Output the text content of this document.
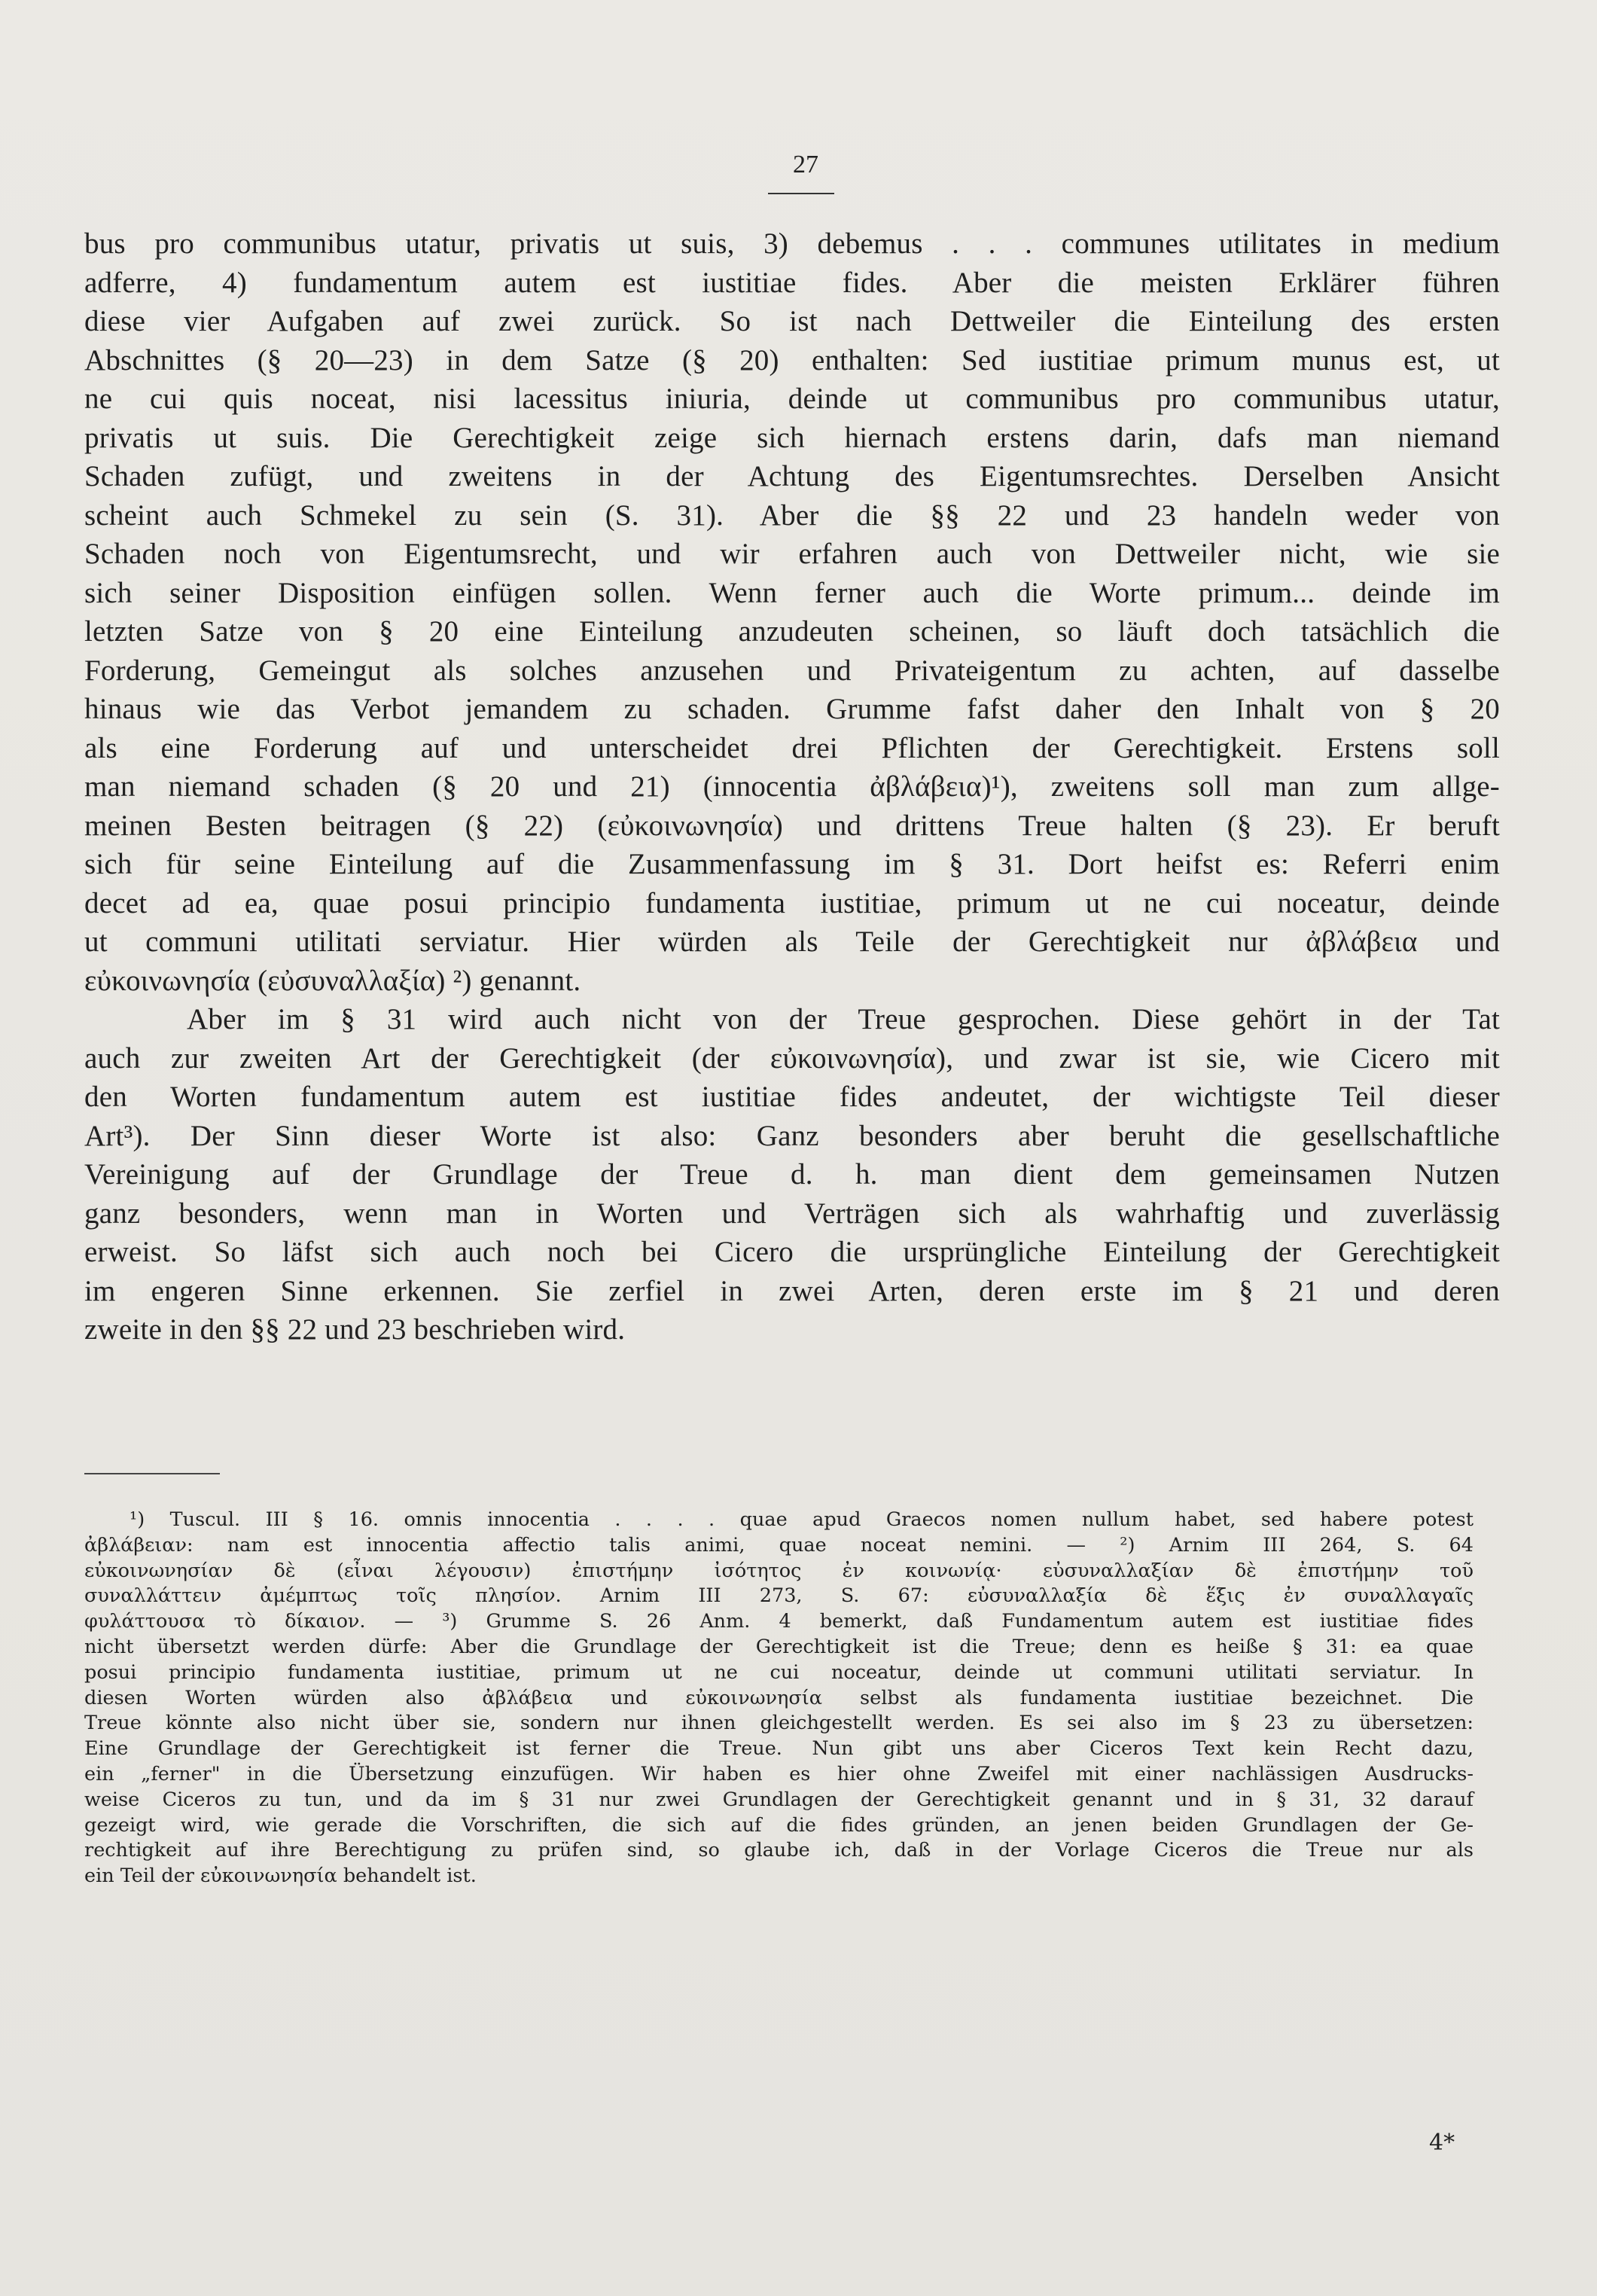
27
bus pro communibus utatur, privatis ut suis, 3) debemus . . . communes utilitates in medium
adferre, 4) fundamentum autem est iustitiae fides. Aber die meisten Erklärer führen
diese vier Aufgaben auf zwei zurück. So ist nach Dettweiler die Einteilung des ersten
Abschnittes (§ 20—23) in dem Satze (§ 20) enthalten: Sed iustitiae primum munus est, ut
ne cui quis noceat, nisi lacessitus iniuria, deinde ut communibus pro communibus utatur,
privatis ut suis. Die Gerechtigkeit zeige sich hiernach erstens darin, dafs man niemand
Schaden zufügt, und zweitens in der Achtung des Eigentumsrechtes. Derselben Ansicht
scheint auch Schmekel zu sein (S. 31). Aber die §§ 22 und 23 handeln weder von
Schaden noch von Eigentumsrecht, und wir erfahren auch von Dettweiler nicht, wie sie
sich seiner Disposition einfügen sollen. Wenn ferner auch die Worte primum... deinde im
letzten Satze von § 20 eine Einteilung anzudeuten scheinen, so läuft doch tatsächlich die
Forderung, Gemeingut als solches anzusehen und Privateigentum zu achten, auf dasselbe
hinaus wie das Verbot jemandem zu schaden. Grumme fafst daher den Inhalt von § 20
als eine Forderung auf und unterscheidet drei Pflichten der Gerechtigkeit. Erstens soll
man niemand schaden (§ 20 und 21) (innocentia ἀβλάβεια)¹), zweitens soll man zum allge-
meinen Besten beitragen (§ 22) (εὐκοινωνησία) und drittens Treue halten (§ 23). Er beruft
sich für seine Einteilung auf die Zusammenfassung im § 31. Dort heifst es: Referri enim
decet ad ea, quae posui principio fundamenta iustitiae, primum ut ne cui noceatur, deinde
ut communi utilitati serviatur. Hier würden als Teile der Gerechtigkeit nur ἀβλάβεια und
εὐκοινωνησία (εὐσυναλλαξία) ²) genannt.
Aber im § 31 wird auch nicht von der Treue gesprochen. Diese gehört in der Tat
auch zur zweiten Art der Gerechtigkeit (der εὐκοινωνησία), und zwar ist sie, wie Cicero mit
den Worten fundamentum autem est iustitiae fides andeutet, der wichtigste Teil dieser
Art³). Der Sinn dieser Worte ist also: Ganz besonders aber beruht die gesellschaftliche
Vereinigung auf der Grundlage der Treue d. h. man dient dem gemeinsamen Nutzen
ganz besonders, wenn man in Worten und Verträgen sich als wahrhaftig und zuverlässig
erweist. So läfst sich auch noch bei Cicero die ursprüngliche Einteilung der Gerechtigkeit
im engeren Sinne erkennen. Sie zerfiel in zwei Arten, deren erste im § 21 und deren
zweite in den §§ 22 und 23 beschrieben wird.
¹) Tuscul. III § 16. omnis innocentia . . . . quae apud Graecos nomen nullum habet, sed habere potest
ἀβλάβειαν: nam est innocentia affectio talis animi, quae noceat nemini. — ²) Arnim III 264, S. 64
εὐκοινωνησίαν δὲ (εἶναι λέγουσιν) ἐπιστήμην ἰσότητος ἐν κοινωνίᾳ· εὐσυναλλαξίαν δὲ ἐπιστήμην τοῦ
συναλλάττειν ἀμέμπτως τοῖς πλησίον. Arnim III 273, S. 67: εὐσυναλλαξία δὲ ἕξις ἐν συναλλαγαῖς
φυλάττουσα τὸ δίκαιον. — ³) Grumme S. 26 Anm. 4 bemerkt, daß Fundamentum autem est iustitiae fides
nicht übersetzt werden dürfe: Aber die Grundlage der Gerechtigkeit ist die Treue; denn es heiße § 31: ea quae
posui principio fundamenta iustitiae, primum ut ne cui noceatur, deinde ut communi utilitati serviatur. In
diesen Worten würden also ἀβλάβεια und εὐκοινωνησία selbst als fundamenta iustitiae bezeichnet. Die
Treue könnte also nicht über sie, sondern nur ihnen gleichgestellt werden. Es sei also im § 23 zu übersetzen:
Eine Grundlage der Gerechtigkeit ist ferner die Treue. Nun gibt uns aber Ciceros Text kein Recht dazu,
ein „ferner" in die Übersetzung einzufügen. Wir haben es hier ohne Zweifel mit einer nachlässigen Ausdrucks-
weise Ciceros zu tun, und da im § 31 nur zwei Grundlagen der Gerechtigkeit genannt und in § 31, 32 darauf
gezeigt wird, wie gerade die Vorschriften, die sich auf die fides gründen, an jenen beiden Grundlagen der Ge-
rechtigkeit auf ihre Berechtigung zu prüfen sind, so glaube ich, daß in der Vorlage Ciceros die Treue nur als
ein Teil der εὐκοινωνησία behandelt ist.
4*
